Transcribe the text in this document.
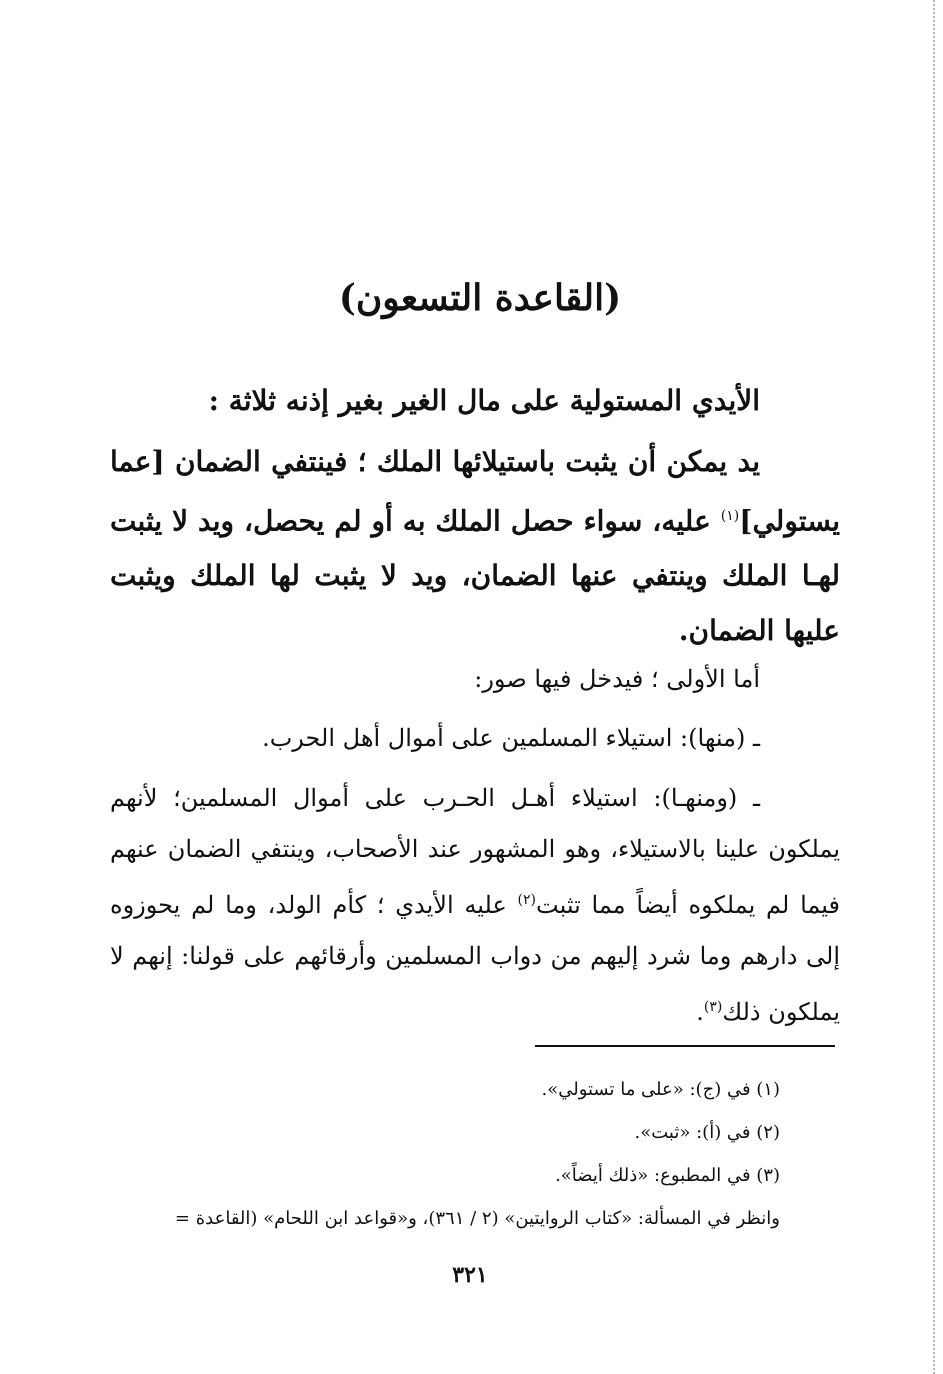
(القاعدة التسعون)

الأيدي المستولية على مال الغير بغير إذنه ثلاثة :

يد يمكن أن يثبت باستيلائها الملك ؛ فينتفي الضمان [عما يستولي]$^{(١)}$ عليه، سواء حصل الملك به أو لم يحصل، ويد لا يثبت لهـا الملك وينتفي عنها الضمان، ويد لا يثبت لها الملك ويثبت عليها الضمان.

أما الأولى ؛ فيدخل فيها صور:

ـ (منها): استيلاء المسلمين على أموال أهل الحرب.

ـ (ومنهـا): استيلاء أهـل الحـرب على أموال المسلمين؛ لأنهم يملكون علينا بالاستيلاء، وهو المشهور عند الأصحاب، وينتفي الضمان عنهم فيما لم يملكوه أيضاً مما تثبت$^{(٢)}$ عليه الأيدي ؛ كأم الولد، وما لم يحوزوه إلى دارهم وما شرد إليهم من دواب المسلمين وأرقائهم على قولنا: إنهم لا يملكون ذلك$^{(٣)}$.

(١) في (ج): «على ما تستولي».
(٢) في (أ): «ثبت».
(٣) في المطبوع: «ذلك أيضاً».
وانظر في المسألة: «كتاب الروايتين» (٢ / ٣٦١)، و«قواعد ابن اللحام» (القاعدة =
٣٢١
